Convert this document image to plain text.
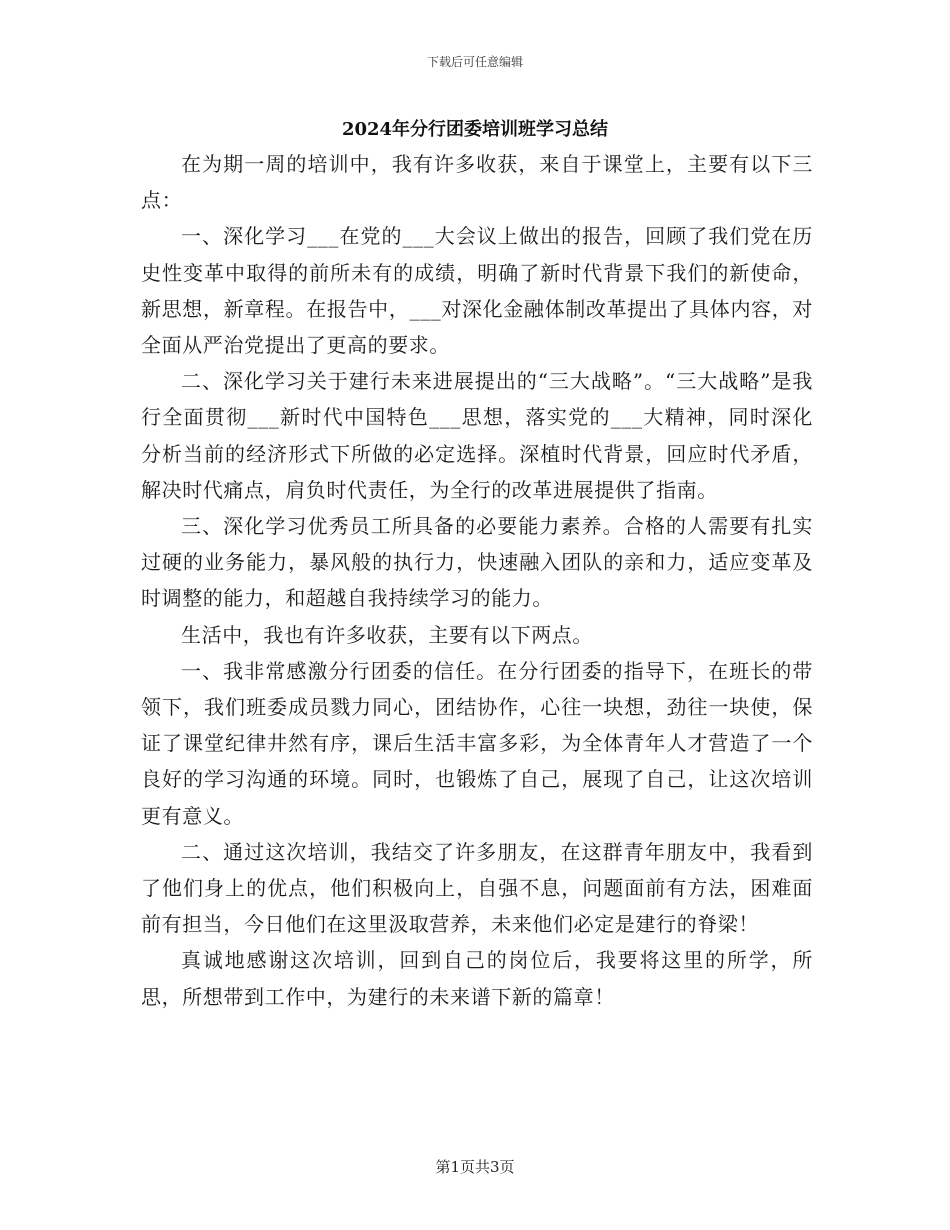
下载后可任意编辑
2024年分行团委培训班学习总结

在为期一周的培训中，我有许多收获，来自于课堂上，主要有以下三点：

一、深化学习___在党的___大会议上做出的报告，回顾了我们党在历史性变革中取得的前所未有的成绩，明确了新时代背景下我们的新使命，新思想，新章程。在报告中，___对深化金融体制改革提出了具体内容，对全面从严治党提出了更高的要求。

二、深化学习关于建行未来进展提出的“三大战略”。“三大战略”是我行全面贯彻___新时代中国特色___思想，落实党的___大精神，同时深化分析当前的经济形式下所做的必定选择。深植时代背景，回应时代矛盾，解决时代痛点，肩负时代责任，为全行的改革进展提供了指南。

三、深化学习优秀员工所具备的必要能力素养。合格的人需要有扎实过硬的业务能力，暴风般的执行力，快速融入团队的亲和力，适应变革及时调整的能力，和超越自我持续学习的能力。

生活中，我也有许多收获，主要有以下两点。

一、我非常感激分行团委的信任。在分行团委的指导下，在班长的带领下，我们班委成员戮力同心，团结协作，心往一块想，劲往一块使，保证了课堂纪律井然有序，课后生活丰富多彩，为全体青年人才营造了一个良好的学习沟通的环境。同时，也锻炼了自己，展现了自己，让这次培训更有意义。

二、通过这次培训，我结交了许多朋友，在这群青年朋友中，我看到了他们身上的优点，他们积极向上，自强不息，问题面前有方法，困难面前有担当，今日他们在这里汲取营养，未来他们必定是建行的脊梁！

真诚地感谢这次培训，回到自己的岗位后，我要将这里的所学，所思，所想带到工作中，为建行的未来谱下新的篇章！

第1页共3页
